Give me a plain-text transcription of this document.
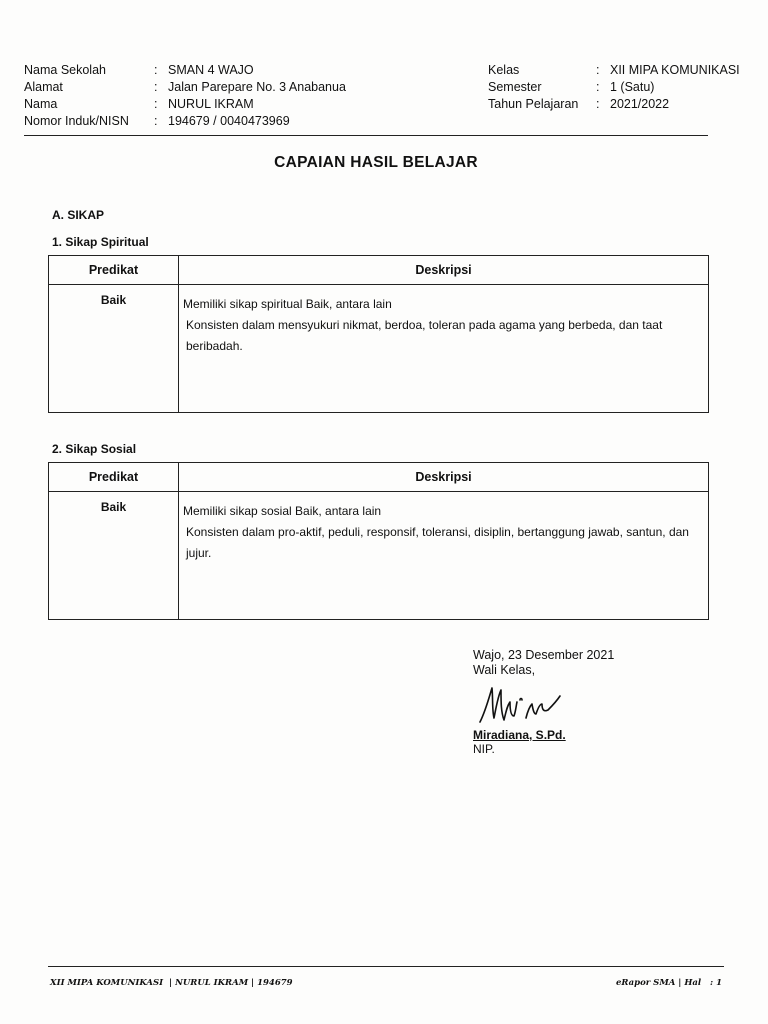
Nama Sekolah	: SMAN 4 WAJO
Alamat	: Jalan Parepare No. 3 Anabanua
Nama	: NURUL IKRAM
Nomor Induk/NISN	: 194679 / 0040473969
Kelas	: XII MIPA KOMUNIKASI
Semester	: 1 (Satu)
Tahun Pelajaran	: 2021/2022
CAPAIAN HASIL BELAJAR
A. SIKAP
1. Sikap Spiritual
Predikat	Deskripsi
Baik	Memiliki sikap spiritual Baik, antara lain
Konsisten dalam mensyukuri nikmat, berdoa, toleran pada agama yang berbeda, dan taat beribadah.
2. Sikap Sosial
Predikat	Deskripsi
Baik	Memiliki sikap sosial Baik, antara lain
Konsisten dalam pro-aktif, peduli, responsif, toleransi, disiplin, bertanggung jawab, santun, dan jujur.
Wajo, 23 Desember 2021
Wali Kelas,
Miradiana, S.Pd.
NIP.
XII MIPA KOMUNIKASI  | NURUL IKRAM | 194679	eRapor SMA | Hal   : 1
